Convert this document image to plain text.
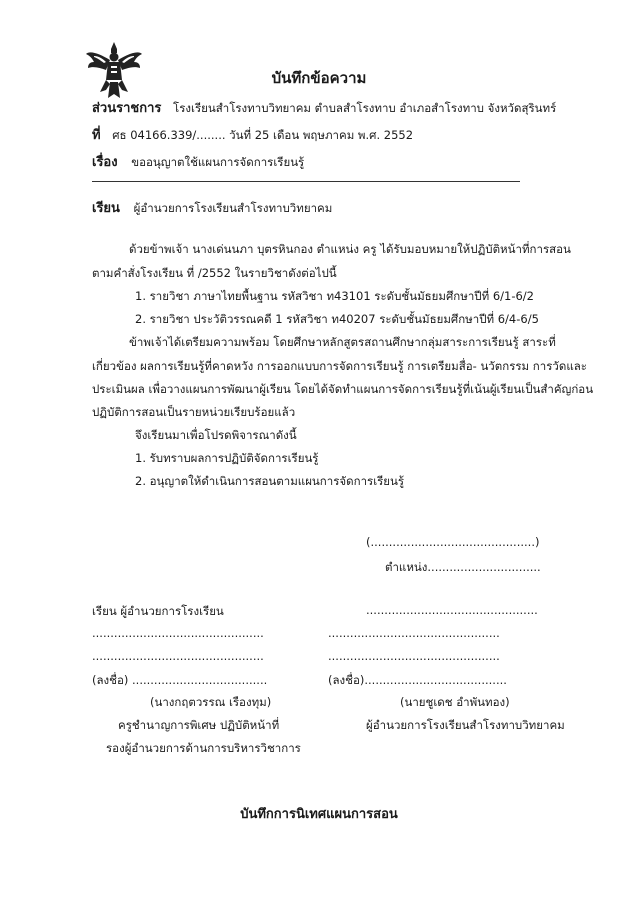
บันทึกข้อความ
ส่วนราชการ โรงเรียนสำโรงทาบวิทยาคม ตำบลสำโรงทาบ อำเภอสำโรงทาบ จังหวัดสุรินทร์
ที่ ศธ 04166.339/........ วันที่ 25 เดือน พฤษภาคม พ.ศ. 2552
เรื่อง ขออนุญาตใช้แผนการจัดการเรียนรู้
เรียน ผู้อำนวยการโรงเรียนสำโรงทาบวิทยาคม
ด้วยข้าพเจ้า นางเด่นนภา บุตรหินกอง ตำแหน่ง ครู ได้รับมอบหมายให้ปฏิบัติหน้าที่การสอน
ตามคำสั่งโรงเรียน ที่ /2552 ในรายวิชาดังต่อไปนี้
1. รายวิชา ภาษาไทยพื้นฐาน รหัสวิชา ท43101 ระดับชั้นมัธยมศึกษาปีที่ 6/1-6/2
2. รายวิชา ประวัติวรรณคดี 1 รหัสวิชา ท40207 ระดับชั้นมัธยมศึกษาปีที่ 6/4-6/5
ข้าพเจ้าได้เตรียมความพร้อม โดยศึกษาหลักสูตรสถานศึกษากลุ่มสาระการเรียนรู้ สาระที่
เกี่ยวข้อง ผลการเรียนรู้ที่คาดหวัง การออกแบบการจัดการเรียนรู้ การเตรียมสื่อ- นวัตกรรม การวัดและ
ประเมินผล เพื่อวางแผนการพัฒนาผู้เรียน โดยได้จัดทำแผนการจัดการเรียนรู้ที่เน้นผู้เรียนเป็นสำคัญก่อน
ปฏิบัติการสอนเป็นรายหน่วยเรียบร้อยแล้ว
จึงเรียนมาเพื่อโปรดพิจารณาดังนี้
1. รับทราบผลการปฏิบัติจัดการเรียนรู้
2. อนุญาตให้ดำเนินการสอนตามแผนการจัดการเรียนรู้
(.............................................)
ตำแหน่ง...............................
เรียน ผู้อำนวยการโรงเรียน	...............................................
...............................................	...............................................
...............................................	...............................................
(ลงชื่อ) .....................................	(ลงชื่อ).......................................
(นางกฤตวรรณ เรืองทุม)	(นายชูเดช อำพันทอง)
ครูชำนาญการพิเศษ ปฏิบัติหน้าที่	ผู้อำนวยการโรงเรียนสำโรงทาบวิทยาคม
รองผู้อำนวยการด้านการบริหารวิชาการ
บันทึกการนิเทศแผนการสอน
